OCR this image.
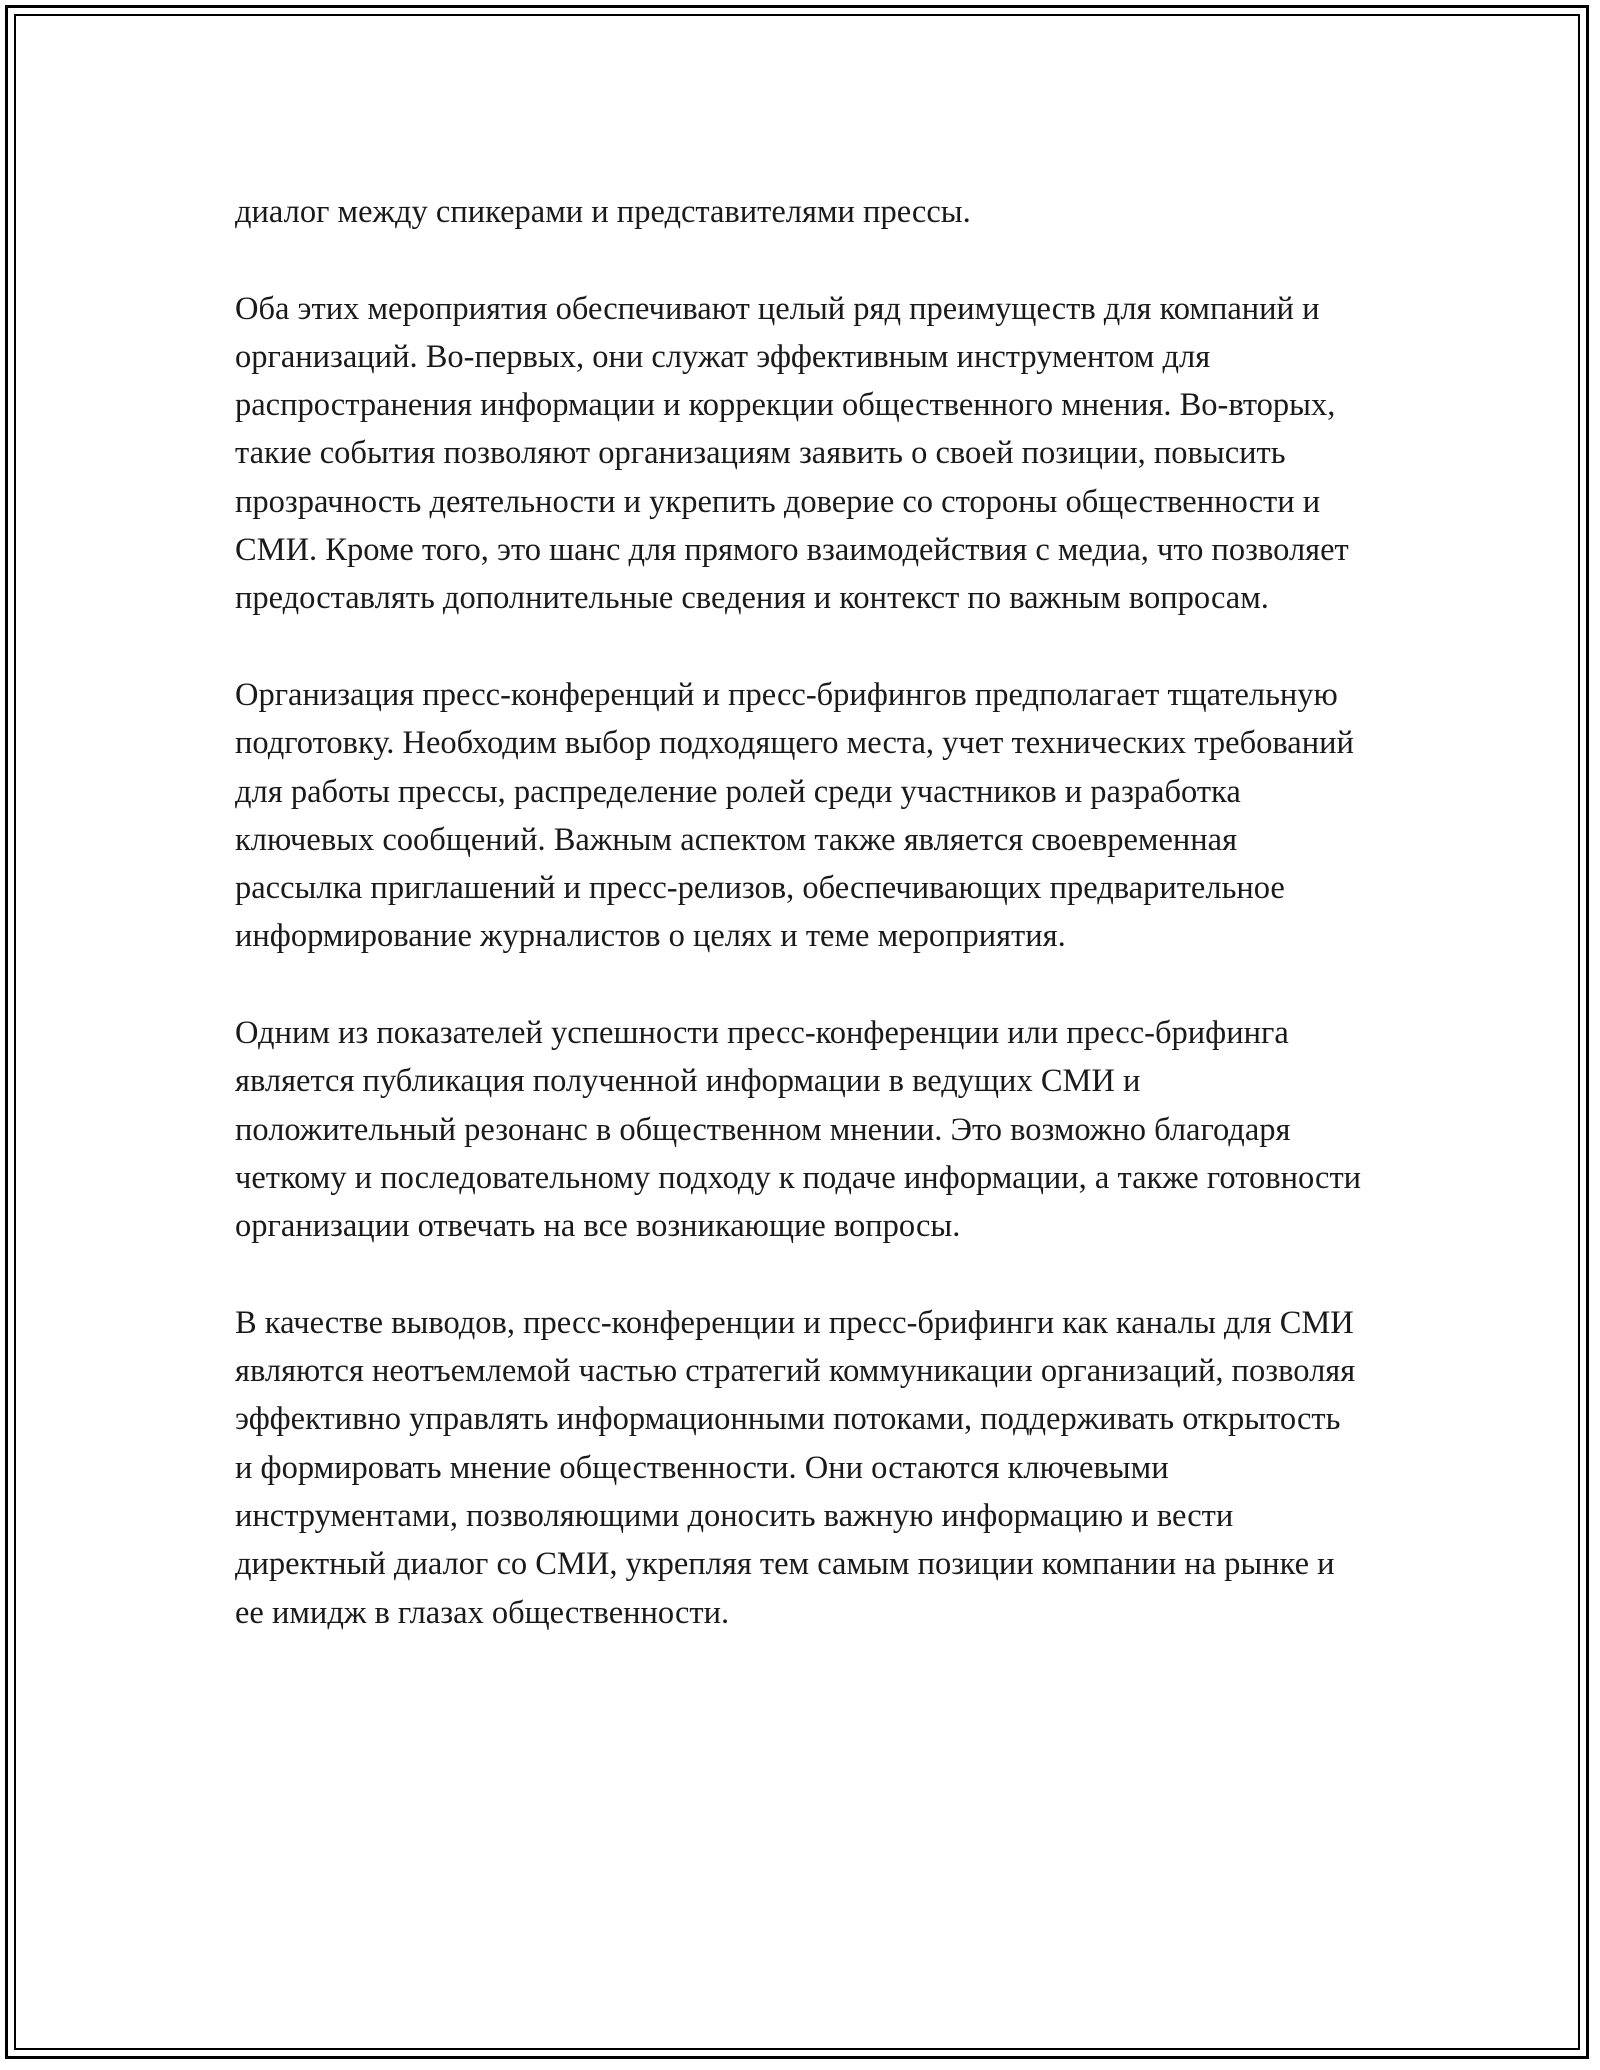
диалог между спикерами и представителями прессы.

Оба этих мероприятия обеспечивают целый ряд преимуществ для компаний и организаций. Во-первых, они служат эффективным инструментом для распространения информации и коррекции общественного мнения. Во-вторых, такие события позволяют организациям заявить о своей позиции, повысить прозрачность деятельности и укрепить доверие со стороны общественности и СМИ. Кроме того, это шанс для прямого взаимодействия с медиа, что позволяет предоставлять дополнительные сведения и контекст по важным вопросам.

Организация пресс-конференций и пресс-брифингов предполагает тщательную подготовку. Необходим выбор подходящего места, учет технических требований для работы прессы, распределение ролей среди участников и разработка ключевых сообщений. Важным аспектом также является своевременная рассылка приглашений и пресс-релизов, обеспечивающих предварительное информирование журналистов о целях и теме мероприятия.

Одним из показателей успешности пресс-конференции или пресс-брифинга является публикация полученной информации в ведущих СМИ и положительный резонанс в общественном мнении. Это возможно благодаря четкому и последовательному подходу к подаче информации, а также готовности организации отвечать на все возникающие вопросы.

В качестве выводов, пресс-конференции и пресс-брифинги как каналы для СМИ являются неотъемлемой частью стратегий коммуникации организаций, позволяя эффективно управлять информационными потоками, поддерживать открытость и формировать мнение общественности. Они остаются ключевыми инструментами, позволяющими доносить важную информацию и вести директный диалог со СМИ, укрепляя тем самым позиции компании на рынке и ее имидж в глазах общественности.
